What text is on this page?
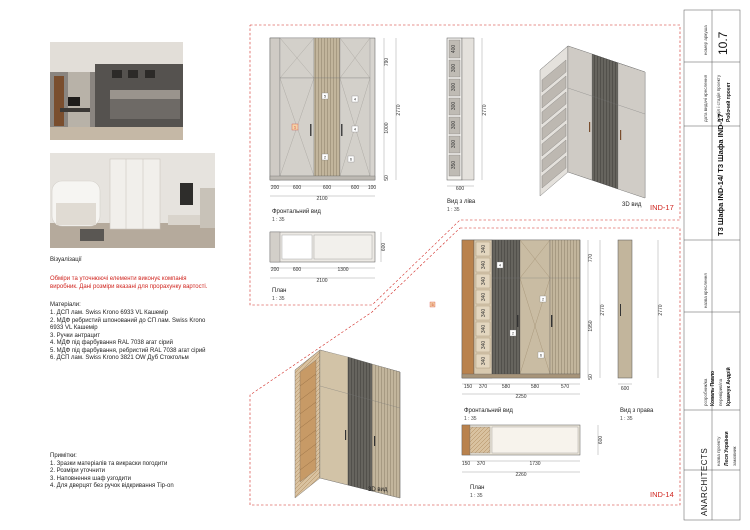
Візуалізації
Обміри та уточнюючі елементи виконує компанія
виробник. Дані розміри вказані для прорахунку вартості.
Матеріали:
1. ДСП лам. Swiss Krono 6933 VL Кашемір
2. МДФ ребристий шпонований до СП лам. Swiss Krono
6933 VL Кашемір
3. Ручки антрацит
4. МДФ під фарбування RAL 7038 агат сірий
5. МДФ під фарбування, ребристий RAL 7038 агат сірий
6. ДСП лам. Swiss Krono 3821 OW Дуб Стокгольм
Примітки:
1. Зразки матеріалів та викраски погодити
2. Розміри уточнити
3. Наповнення шаф узгодити
4. Для дверцят без ручок відкривання Tip-on
1
5
4
4
2	6
200	600	600	600 100
2100
790
1000
50
2770
600
2770
400
300
300
300
300
300
350
200	600	1300
2100
600
5
4
2
2
6
340
340
340
340
340
340
340
340
150 370	580	580	570
2250
770
1950
50
2770
600
2770
150 370	1730
2260
600
IND-17
Фронтальний вид
1 : 35
Вид з ліва
1 : 35
3D вид
План
1 : 35
IND-14
Фронтальний вид
1 : 35
Вид з права
1 : 35
3D вид	План
1 : 35
номер аркуша 10.7
дата видачі креслення розділ і стадія проекту Робочий проект
Т3 Шафа IND-14/ Т3 Шафа IND-17
назва креслення
розробник/ка Коваль Павло перевірив/ла Кравчук Андрій
назва проекту Леся Українки замовник
ANARCHITECTS
